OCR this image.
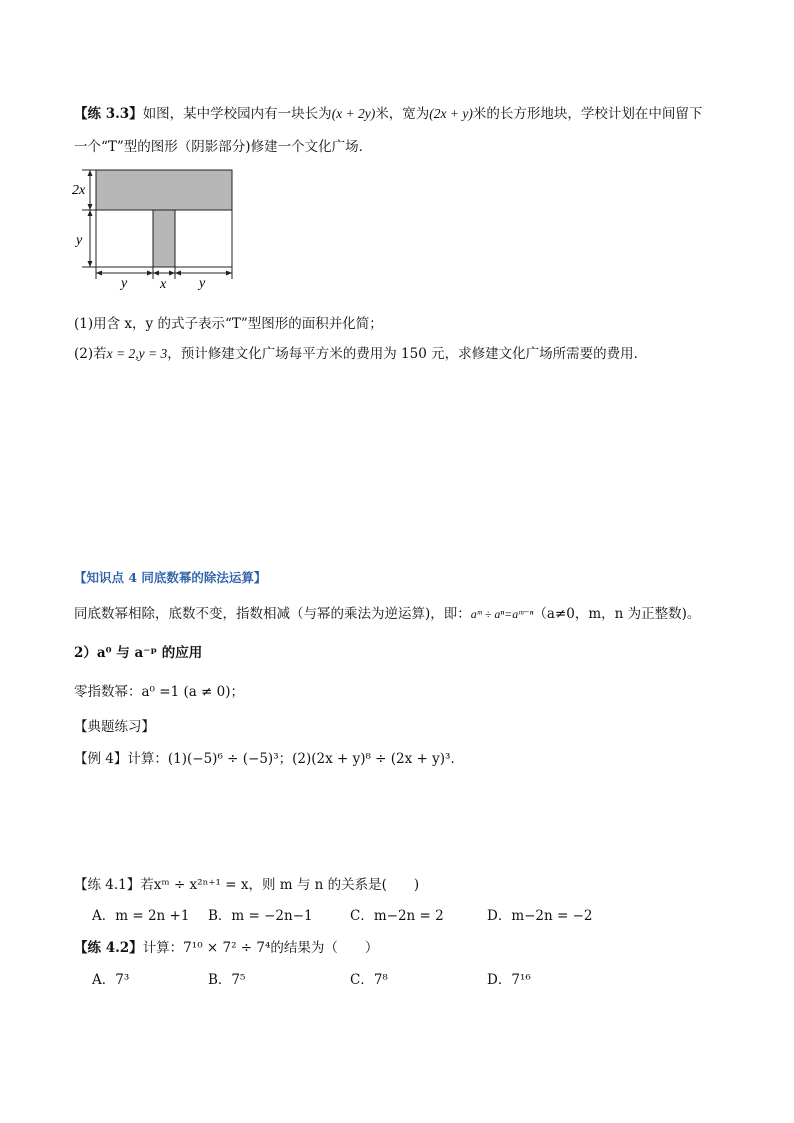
【练 3.3】如图，某中学校园内有一块长为(x + 2y)米，宽为(2x + y)米的长方形地块，学校计划在中间留下
一个“T”型的图形（阴影部分)修建一个文化广场．
2x
y
y x y
(1)用含 x，y 的式子表示“T”型图形的面积并化简；
(2)若x = 2,y = 3，预计修建文化广场每平方米的费用为 150 元，求修建文化广场所需要的费用．
【知识点 4 同底数幂的除法运算】
同底数幂相除，底数不变，指数相减（与幂的乘法为逆运算)，即：aᵐ ÷ aⁿ=aᵐ⁻ⁿ（a≠0，m，n 为正整数)。
2）a⁰ 与 a⁻ᵖ 的应用
零指数幂：a⁰ =1 (a ≠ 0)；
【典题练习】
【例 4】计算：(1)(−5)⁶ ÷ (−5)³；(2)(2x + y)⁸ ÷ (2x + y)³．
【练 4.1】若xᵐ ÷ x²ⁿ⁺¹ = x，则 m 与 n 的关系是(　　)
A．m = 2n +1 B．m = −2n−1	C．m−2n = 2	D．m−2n = −2
【练 4.2】计算：7¹⁰ × 7² ÷ 7⁴的结果为（　　）
A．7³	B．7⁵	C．7⁸	D．7¹⁶
